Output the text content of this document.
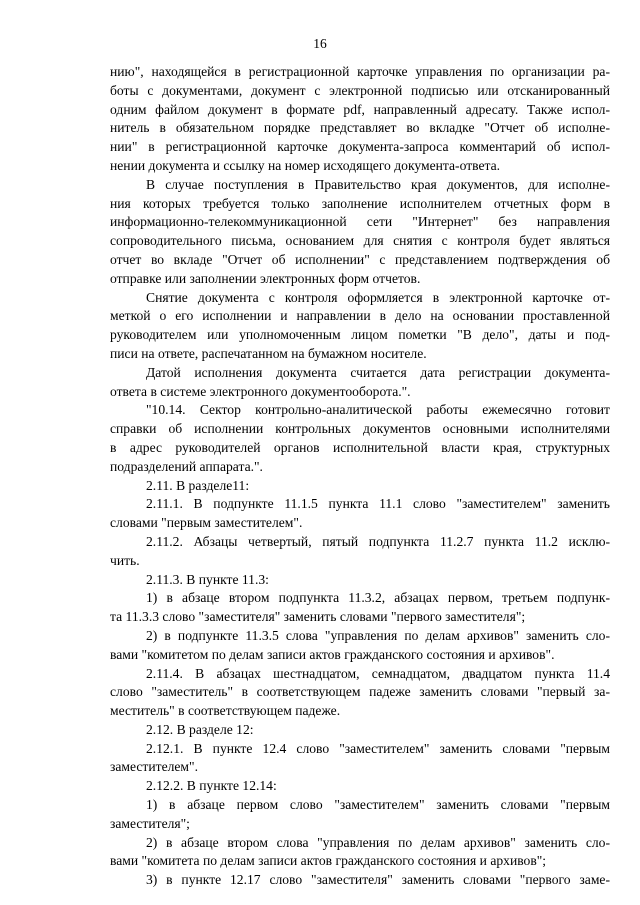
16
нию", находящейся в регистрационной карточке управления по организации ра-
боты с документами, документ с электронной подписью или отсканированный
одним файлом документ в формате pdf, направленный адресату. Также испол-
нитель в обязательном порядке представляет во вкладке "Отчет об исполне-
нии" в регистрационной карточке документа-запроса комментарий об испол-
нении документа и ссылку на номер исходящего документа-ответа.
В случае поступления в Правительство края документов, для исполне-
ния которых требуется только заполнение исполнителем отчетных форм в
информационно-телекоммуникационной сети "Интернет" без направления
сопроводительного письма, основанием для снятия с контроля будет являться
отчет во вкладе "Отчет об исполнении" с представлением подтверждения об
отправке или заполнении электронных форм отчетов.
Снятие документа с контроля оформляется в электронной карточке от-
меткой о его исполнении и направлении в дело на основании проставленной
руководителем или уполномоченным лицом пометки "В дело", даты и под-
писи на ответе, распечатанном на бумажном носителе.
Датой исполнения документа считается дата регистрации документа-
ответа в системе электронного документооборота.".
"10.14. Сектор контрольно-аналитической работы ежемесячно готовит
справки об исполнении контрольных документов основными исполнителями
в адрес руководителей органов исполнительной власти края, структурных
подразделений аппарата.".
2.11. В разделе11:
2.11.1. В подпункте 11.1.5 пункта 11.1 слово "заместителем" заменить
словами "первым заместителем".
2.11.2. Абзацы четвертый, пятый подпункта 11.2.7 пункта 11.2 исклю-
чить.
2.11.3. В пункте 11.3:
1) в абзаце втором подпункта 11.3.2, абзацах первом, третьем подпунк-
та 11.3.3 слово "заместителя" заменить словами "первого заместителя";
2) в подпункте 11.3.5 слова "управления по делам архивов" заменить сло-
вами "комитетом по делам записи актов гражданского состояния и архивов".
2.11.4. В абзацах шестнадцатом, семнадцатом, двадцатом пункта 11.4
слово "заместитель" в соответствующем падеже заменить словами "первый за-
меститель" в соответствующем падеже.
2.12. В разделе 12:
2.12.1. В пункте 12.4 слово "заместителем" заменить словами "первым
заместителем".
2.12.2. В пункте 12.14:
1) в абзаце первом слово "заместителем" заменить словами "первым
заместителя";
2) в абзаце втором слова "управления по делам архивов" заменить сло-
вами "комитета по делам записи актов гражданского состояния и архивов";
3) в пункте 12.17 слово "заместителя" заменить словами "первого заме-
